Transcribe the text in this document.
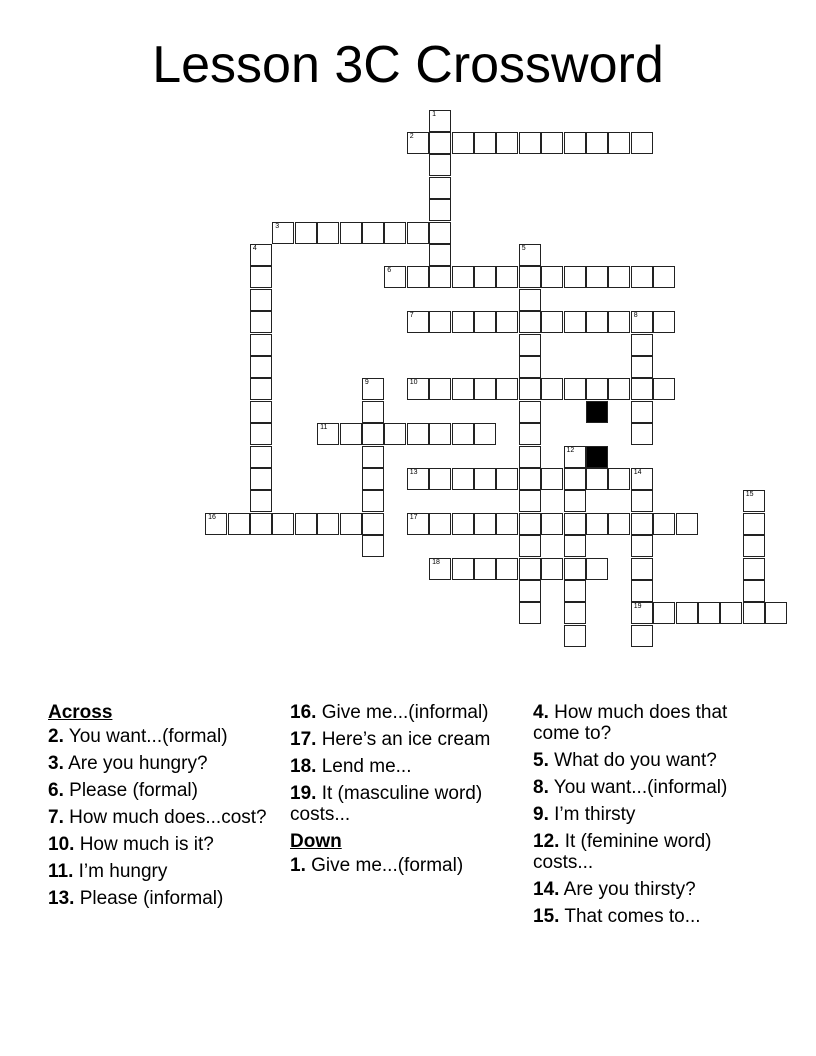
Lesson 3C Crossword
2
3
6
7	8
10
11
13	14
16	17
18
19
1
4	5
9
12
15
Across
2. You want...(formal)
3. Are you hungry?
6. Please (formal)
7. How much does...cost?
10. How much is it?
11. I’m hungry
13. Please (informal)
16. Give me...(informal)
17. Here’s an ice cream
18. Lend me...
19. It (masculine word) costs...
Down
1. Give me...(formal)
4. How much does that come to?
5. What do you want?
8. You want...(informal)
9. I’m thirsty
12. It (feminine word) costs...
14. Are you thirsty?
15. That comes to...
